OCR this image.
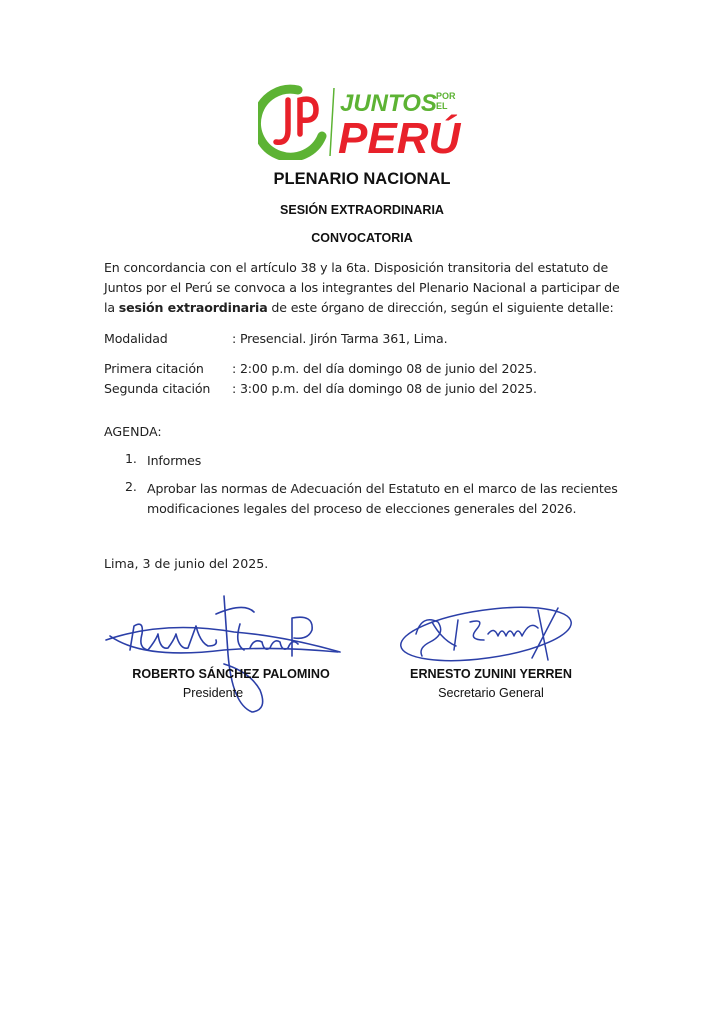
JUNTOS POR
EL
PERÚ
PLENARIO NACIONAL
SESIÓN EXTRAORDINARIA
CONVOCATORIA
En concordancia con el artículo 38 y la 6ta. Disposición transitoria del estatuto de Juntos por el Perú se convoca a los integrantes del Plenario Nacional a participar de la sesión extraordinaria de este órgano de dirección, según el siguiente detalle:
Modalidad	: Presencial. Jirón Tarma 361, Lima.
Primera citación : 2:00 p.m. del día domingo 08 de junio del 2025.
Segunda citación : 3:00 p.m. del día domingo 08 de junio del 2025.
AGENDA:
1. Informes
2. Aprobar las normas de Adecuación del Estatuto en el marco de las recientes modificaciones legales del proceso de elecciones generales del 2026.
Lima, 3 de junio del 2025.
ROBERTO SÁNCHEZ PALOMINO
Presidente
ERNESTO ZUNINI YERREN
Secretario General
